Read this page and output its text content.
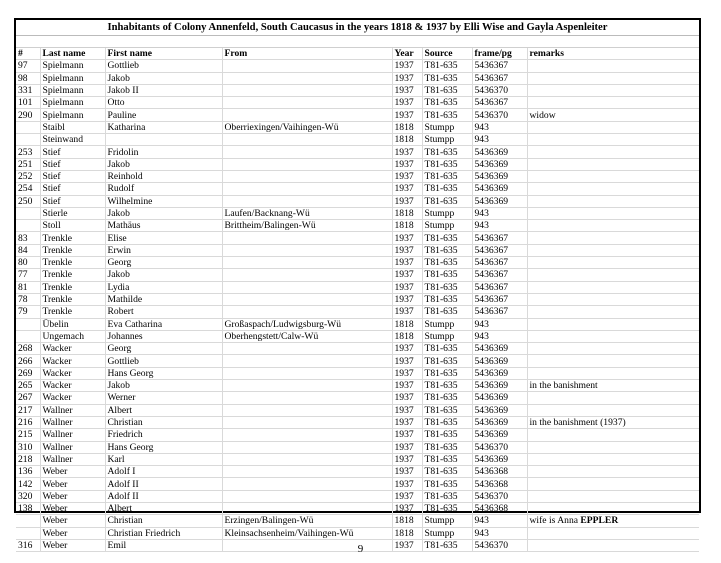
Inhabitants of Colony Annenfeld, South Caucasus in the years 1818 & 1937 by Elli Wise and Gayla Aspenleiter
#	Last name	First name	From	Year	Source	frame/pg	remarks
97	Spielmann	Gottlieb		1937	T81-635	5436367	
98	Spielmann	Jakob		1937	T81-635	5436367	
331	Spielmann	Jakob II		1937	T81-635	5436370	
101	Spielmann	Otto		1937	T81-635	5436367	
290	Spielmann	Pauline		1937	T81-635	5436370	widow
	Staibl	Katharina	Oberriexingen/Vaihingen-Wü	1818	Stumpp	943	
	Steinwand			1818	Stumpp	943	
253	Stief	Fridolin		1937	T81-635	5436369	
251	Stief	Jakob		1937	T81-635	5436369	
252	Stief	Reinhold		1937	T81-635	5436369	
254	Stief	Rudolf		1937	T81-635	5436369	
250	Stief	Wilhelmine		1937	T81-635	5436369	
	Stierle	Jakob	Laufen/Backnang-Wü	1818	Stumpp	943	
	Stoll	Mathäus	Brittheim/Balingen-Wü	1818	Stumpp	943	
83	Trenkle	Elise		1937	T81-635	5436367	
84	Trenkle	Erwin		1937	T81-635	5436367	
80	Trenkle	Georg		1937	T81-635	5436367	
77	Trenkle	Jakob		1937	T81-635	5436367	
81	Trenkle	Lydia		1937	T81-635	5436367	
78	Trenkle	Mathilde		1937	T81-635	5436367	
79	Trenkle	Robert		1937	T81-635	5436367	
	Übelin	Eva Catharina	Großaspach/Ludwigsburg-Wü	1818	Stumpp	943	
	Ungemach	Johannes	Oberhengstett/Calw-Wü	1818	Stumpp	943	
268	Wacker	Georg		1937	T81-635	5436369	
266	Wacker	Gottlieb		1937	T81-635	5436369	
269	Wacker	Hans Georg		1937	T81-635	5436369	
265	Wacker	Jakob		1937	T81-635	5436369	in the banishment
267	Wacker	Werner		1937	T81-635	5436369	
217	Wallner	Albert		1937	T81-635	5436369	
216	Wallner	Christian		1937	T81-635	5436369	in the banishment (1937)
215	Wallner	Friedrich		1937	T81-635	5436369	
310	Wallner	Hans Georg		1937	T81-635	5436370	
218	Wallner	Karl		1937	T81-635	5436369	
136	Weber	Adolf I		1937	T81-635	5436368	
142	Weber	Adolf II		1937	T81-635	5436368	
320	Weber	Adolf II		1937	T81-635	5436370	
138	Weber	Albert		1937	T81-635	5436368	
	Weber	Christian	Erzingen/Balingen-Wü	1818	Stumpp	943	wife is Anna EPPLER
	Weber	Christian Friedrich	Kleinsachsenheim/Vaihingen-Wü	1818	Stumpp	943	
316	Weber	Emil		1937	T81-635	5436370	
9
